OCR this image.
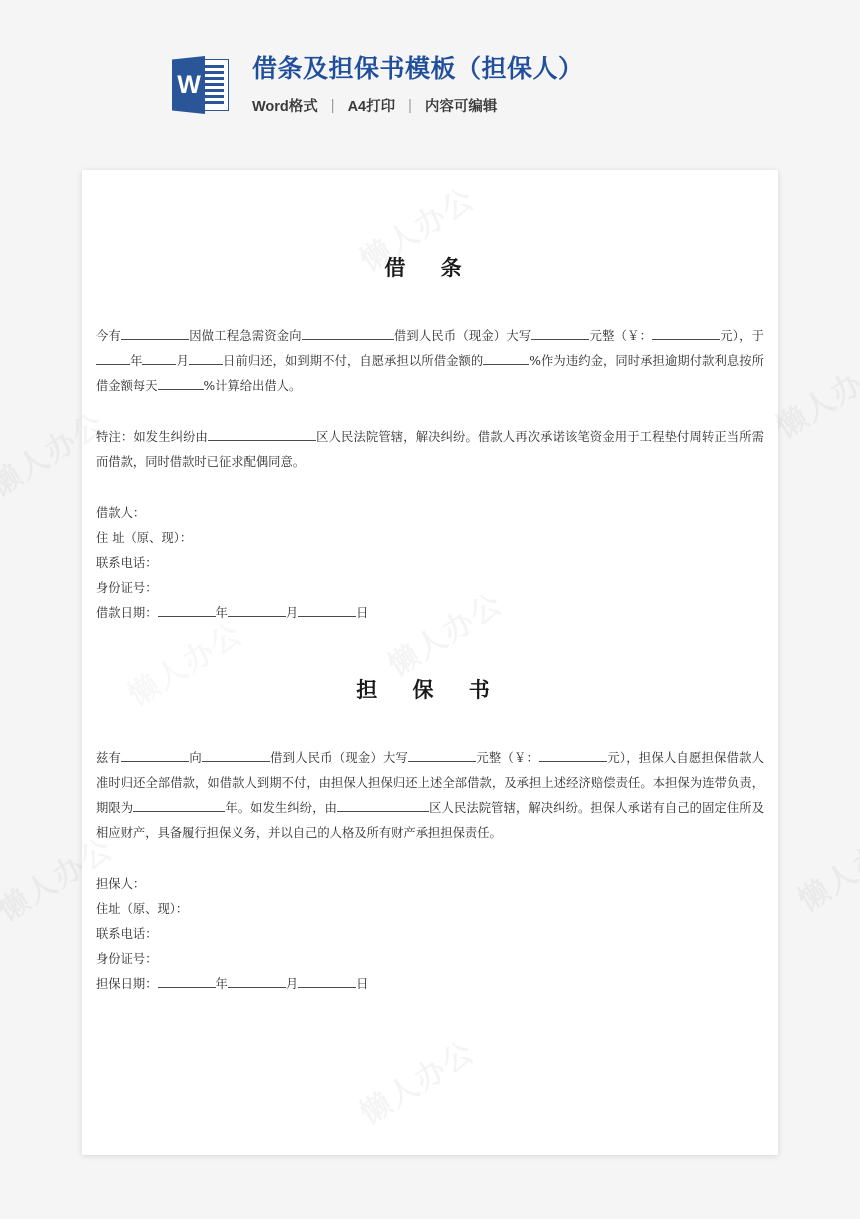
W
借条及担保书模板（担保人）
Word格式 | A4打印 | 内容可编辑
借 条

今有	因做工程急需资金向	借到人民币（现金）大写	元整（￥：	元），于年	月	日前归还，如到期不付，自愿承担以所借金额的	%作为违约金，同时承担逾期付款利息按所借金额每天	%计算给出借人。

特注：如发生纠纷由	区人民法院管辖，解决纠纷。借款人再次承诺该笔资金用于工程垫付周转正当所需而借款，同时借款时已征求配偶同意。

借款人：
住 址（原、现）：
联系电话：
身份证号：
借款日期：	年	月	日
担 保 书

兹有	向	借到人民币（现金）大写	元整（￥：	元），担保人自愿担保借款人准时归还全部借款，如借款人到期不付，由担保人担保归还上述全部借款，及承担上述经济赔偿责任。本担保为连带负责，期限为	年。如发生纠纷，由	区人民法院管辖，解决纠纷。担保人承诺有自己的固定住所及相应财产，具备履行担保义务，并以自己的人格及所有财产承担担保责任。

担保人：
住址（原、现）：
联系电话：
身份证号：
担保日期：	年	月	日
